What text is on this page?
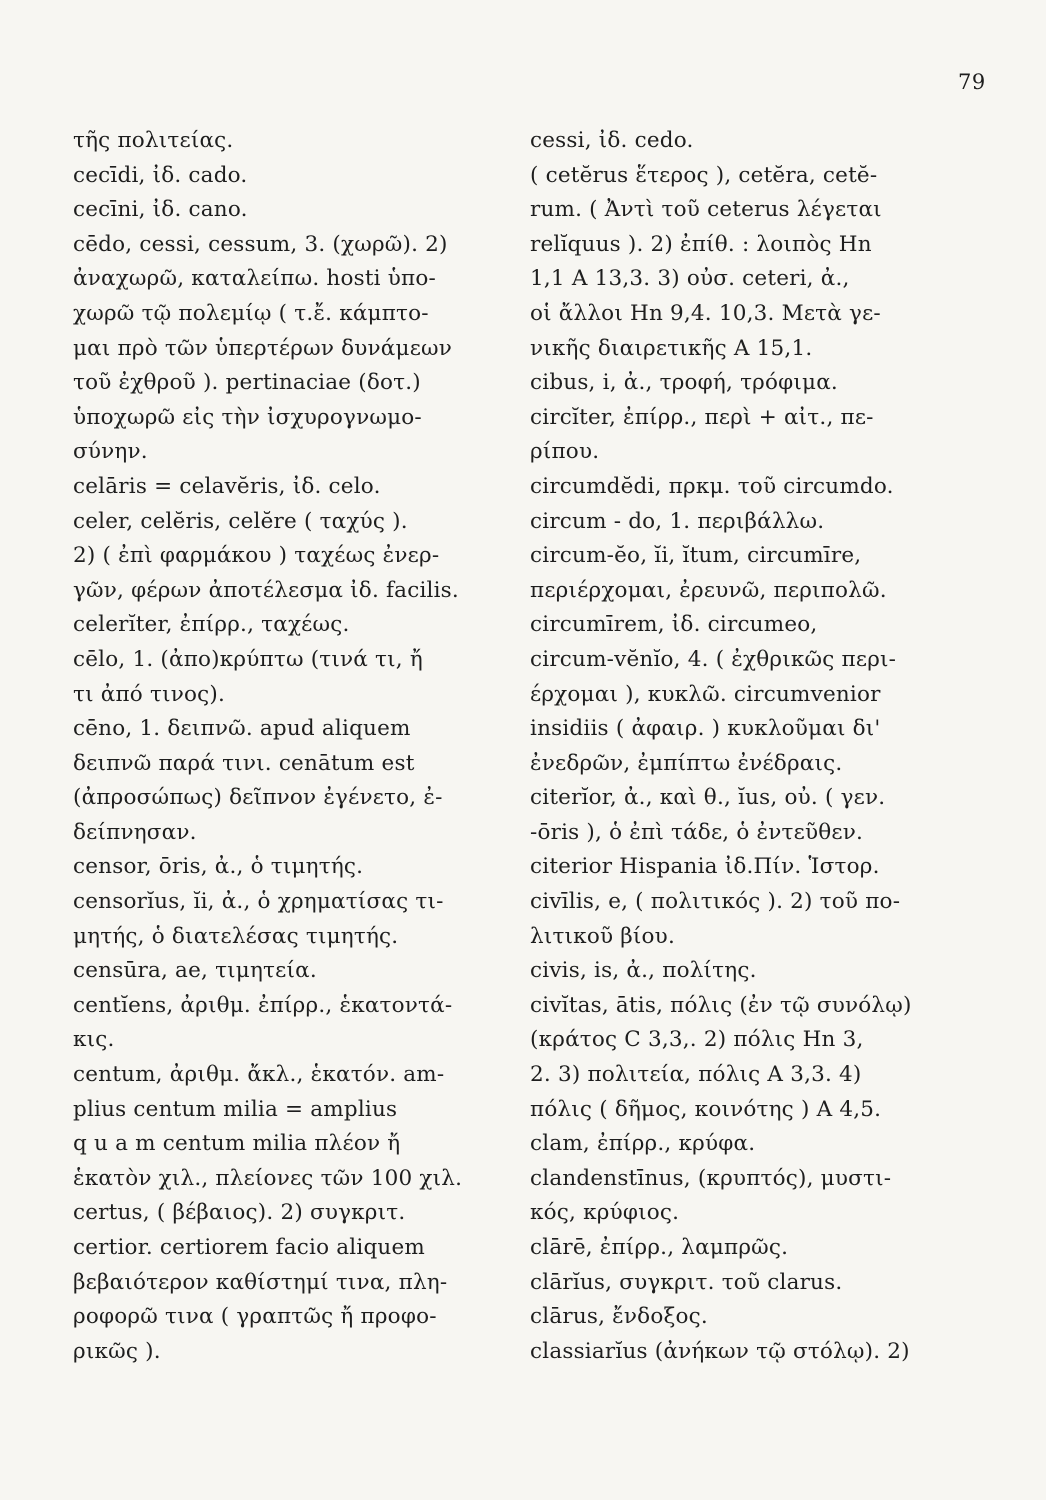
79
τῆς πολιτείας.
cecīdi, ἰδ. cado.
cecīni, ἰδ. cano.
cēdo, cessi, cessum, 3. (χωρῶ). 2)
ἀναχωρῶ, καταλείπω. hosti ὑπο-
χωρῶ τῷ πολεμίῳ ( τ.ἔ. κάμπτο-
μαι πρὸ τῶν ὑπερτέρων δυνάμεων
τοῦ ἐχθροῦ ). pertinaciae (δοτ.)
ὑποχωρῶ εἰς τὴν ἰσχυρογνωμο-
σύνην.
celāris = celavĕris, ἰδ. celo.
celer, celĕris, celĕre ( ταχύς ).
2) ( ἐπὶ φαρμάκου ) ταχέως ἐνερ-
γῶν, φέρων ἀποτέλεσμα ἰδ. facilis.
celerĭter, ἐπίρρ., ταχέως.
cēlo, 1. (ἀπο)κρύπτω (τινά τι, ἤ
τι ἀπό τινος).
cēno, 1. δειπνῶ. apud aliquem
δειπνῶ παρά τινι. cenātum est
(ἀπροσώπως) δεῖπνον ἐγένετο, ἐ-
δείπνησαν.
censor, ōris, ἀ., ὁ τιμητής.
censorĭus, ĭi, ἀ., ὁ χρηματίσας τι-
μητής, ὁ διατελέσας τιμητής.
censūra, ae, τιμητεία.
centĭens, ἀριθμ. ἐπίρρ., ἑκατοντά-
κις.
centum, ἀριθμ. ἄκλ., ἑκατόν. am-
plius centum milia = amplius
q u a m centum milia πλέον ἤ
ἑκατὸν χιλ., πλείονες τῶν 100 χιλ.
certus, ( βέβαιος). 2) συγκριτ.
certior. certiorem facio aliquem
βεβαιότερον καθίστημί τινα, πλη-
ροφορῶ τινα ( γραπτῶς ἤ προφο-
ρικῶς ).
cessi, ἰδ. cedo.
( cetĕrus ἕτερος ), cetĕra, cetĕ-
rum. ( Ἀντὶ τοῦ ceterus λέγεται
relĭquus ). 2) ἐπίθ. : λοιπὸς Hn
1,1 A 13,3. 3) οὐσ. ceteri, ἀ.,
οἱ ἄλλοι Hn 9,4. 10,3. Μετὰ γε-
νικῆς διαιρετικῆς A 15,1.
cibus, i, ἀ., τροφή, τρόφιμα.
circĭter, ἐπίρρ., περὶ + αἰτ., πε-
ρίπου.
circumdĕdi, πρκμ. τοῦ circumdo.
circum - do, 1. περιβάλλω.
circum-ĕo, ĭi, ĭtum, circumīre,
περιέρχομαι, ἐρευνῶ, περιπολῶ.
circumīrem, ἰδ. circumeo,
circum-vĕnĭo, 4. ( ἐχθρικῶς περι-
έρχομαι ), κυκλῶ. circumvenior
insidiis ( ἀφαιρ. ) κυκλοῦμαι δι'
ἐνεδρῶν, ἐμπίπτω ἐνέδραις.
citerĭor, ἀ., καὶ θ., ĭus, οὐ. ( γεν.
-ōris ), ὁ ἐπὶ τάδε, ὁ ἐντεῦθεν.
citerior Hispania ἰδ.Πίν. Ἱστορ.
civīlis, e, ( πολιτικός ). 2) τοῦ πο-
λιτικοῦ βίου.
civis, is, ἀ., πολίτης.
civĭtas, ātis, πόλις (ἐν τῷ συνόλῳ)
(κράτος C 3,3,. 2) πόλις Hn 3,
2. 3) πολιτεία, πόλις A 3,3. 4)
πόλις ( δῆμος, κοινότης ) A 4,5.
clam, ἐπίρρ., κρύφα.
clandenstīnus, (κρυπτός), μυστι-
κός, κρύφιος.
clārē, ἐπίρρ., λαμπρῶς.
clārĭus, συγκριτ. τοῦ clarus.
clārus, ἔνδοξος.
classiarĭus (ἀνήκων τῷ στόλῳ). 2)
